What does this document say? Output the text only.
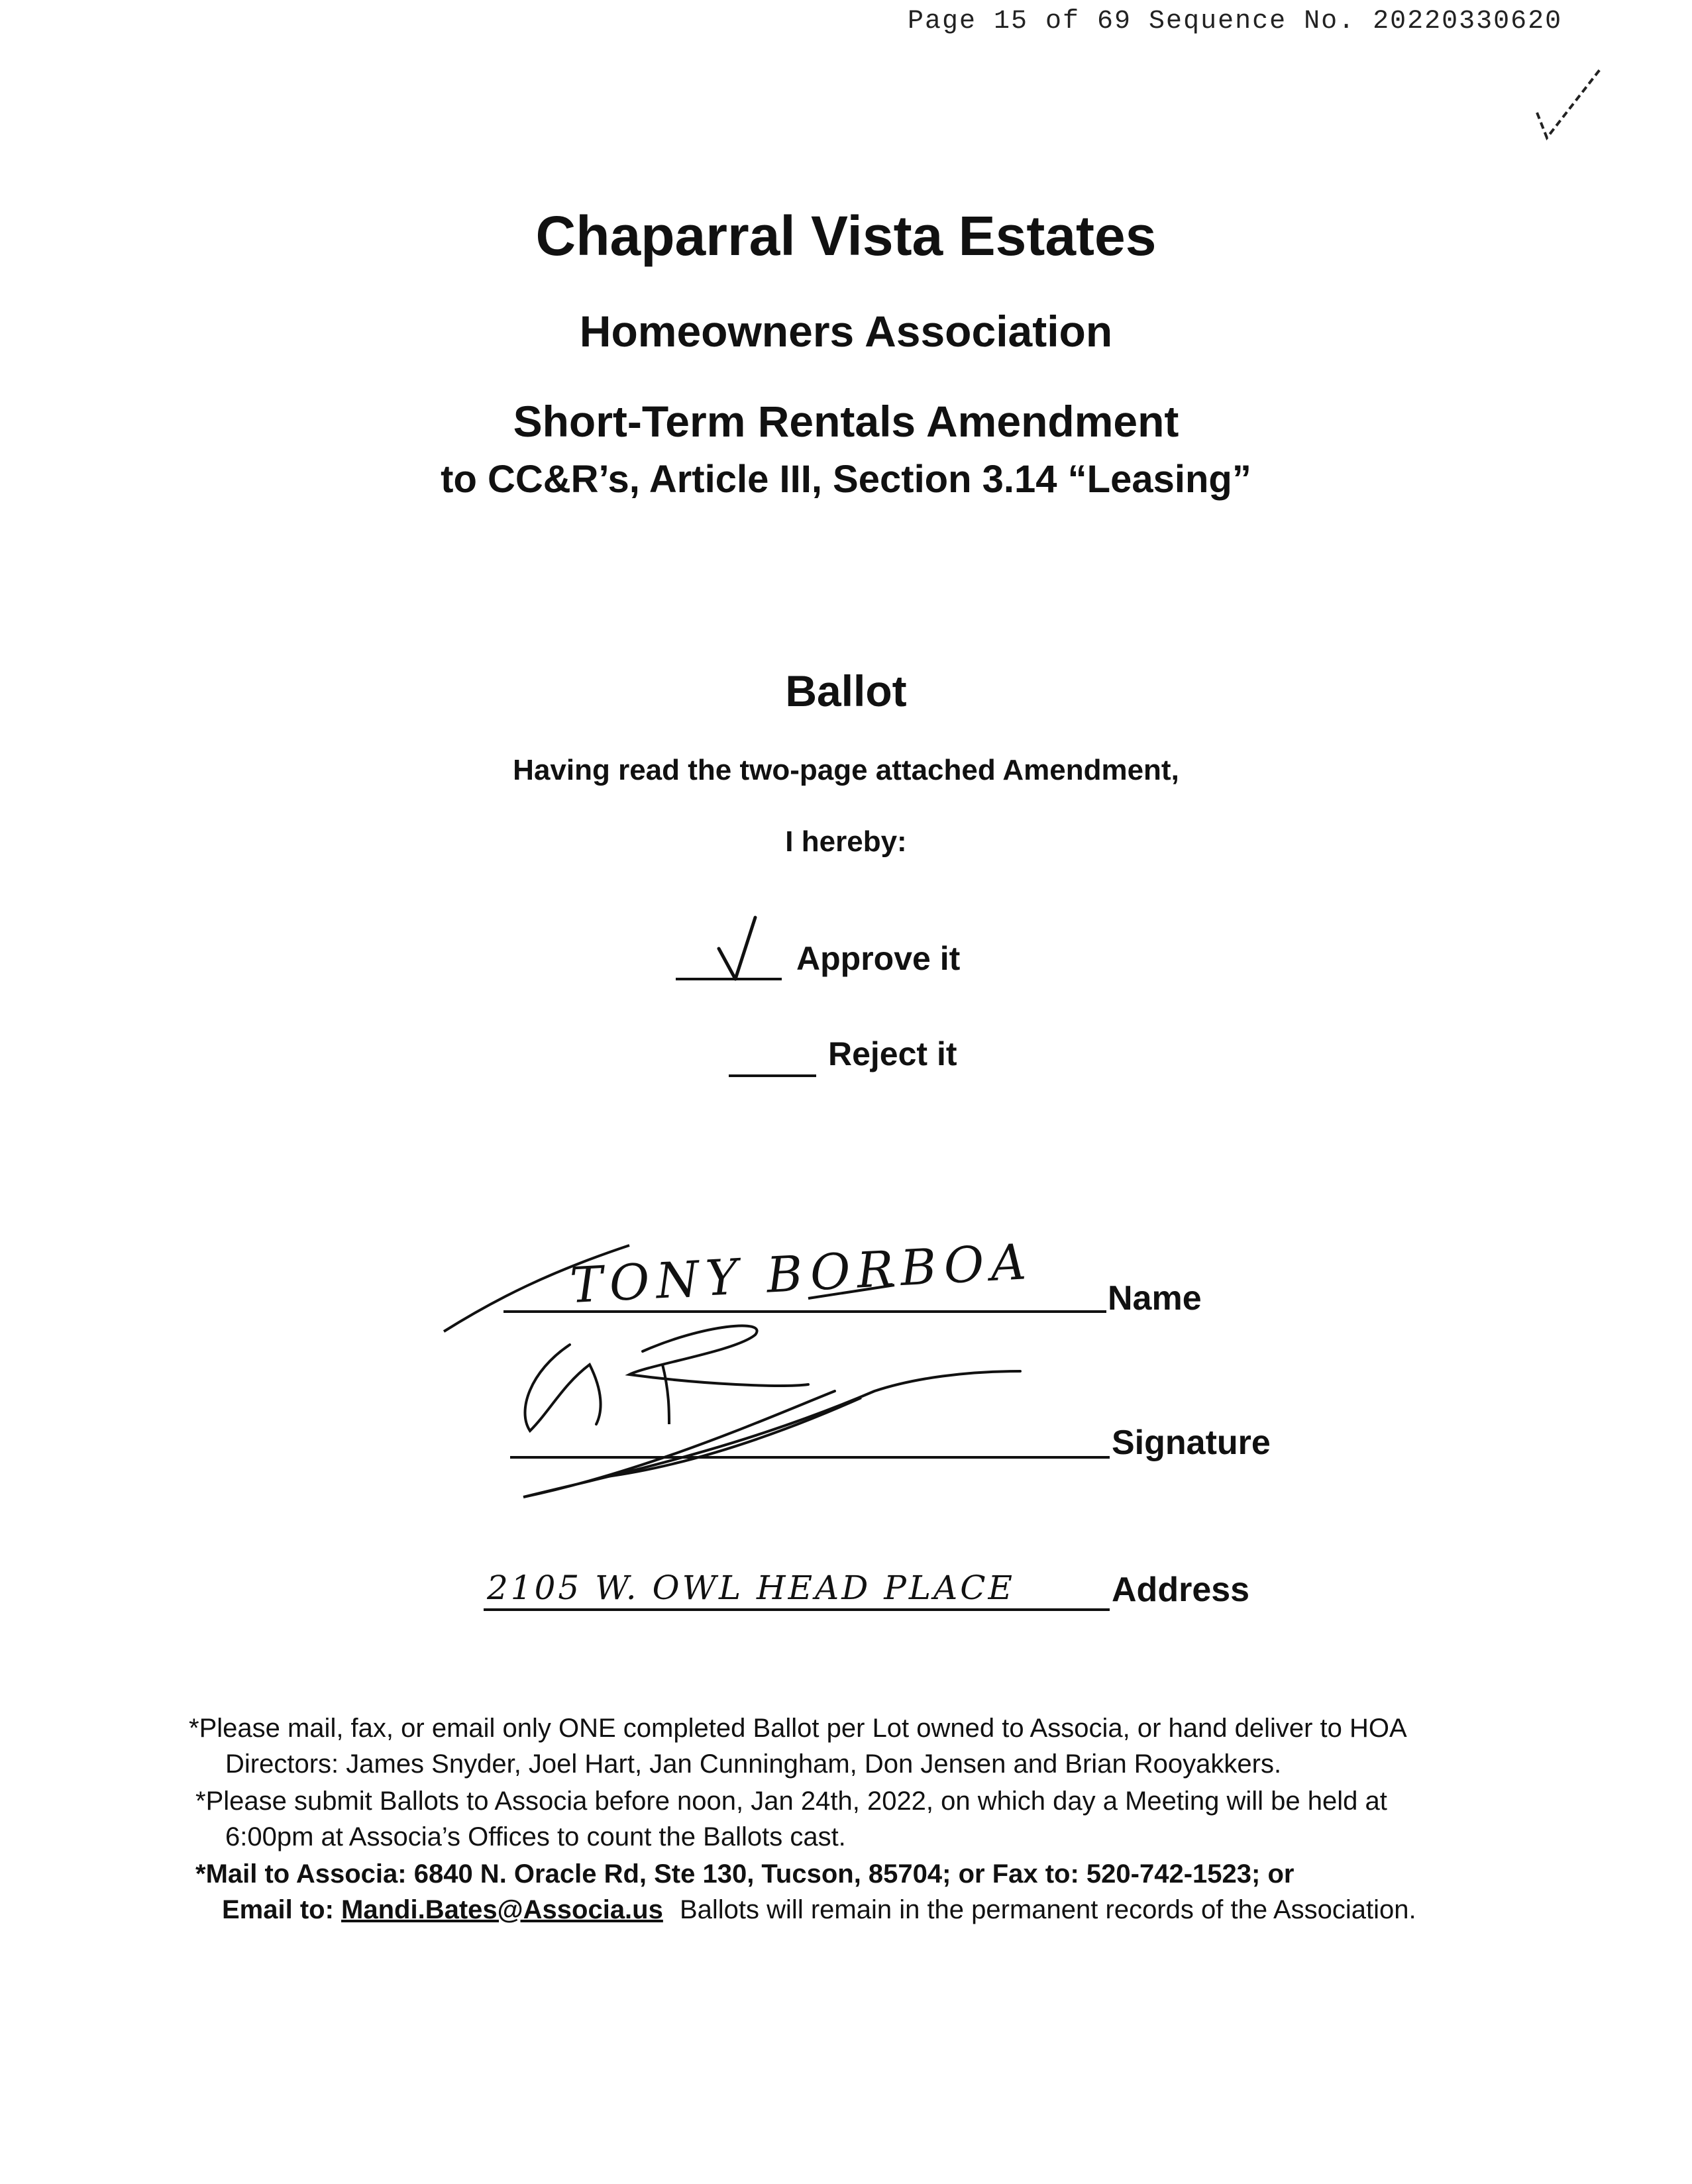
Page 15 of 69 Sequence No. 20220330620
Chaparral Vista Estates
Homeowners Association
Short-Term Rentals Amendment
to CC&R’s, Article III, Section 3.14 “Leasing”
Ballot
Having read the two-page attached Amendment,
I hereby:
Approve it
Reject it
TONY BORBOA Name
Signature
2105 W. OWL HEAD PLACE	Address
*Please mail, fax, or email only ONE completed Ballot per Lot owned to Associa, or hand deliver to HOA
Directors: James Snyder, Joel Hart, Jan Cunningham, Don Jensen and Brian Rooyakkers.
*Please submit Ballots to Associa before noon, Jan 24th, 2022, on which day a Meeting will be held at
6:00pm at Associa’s Offices to count the Ballots cast.
*Mail to Associa: 6840 N. Oracle Rd, Ste 130, Tucson, 85704; or Fax to: 520-742-1523; or
Email to: Mandi.Bates@Associa.us Ballots will remain in the permanent records of the Association.
